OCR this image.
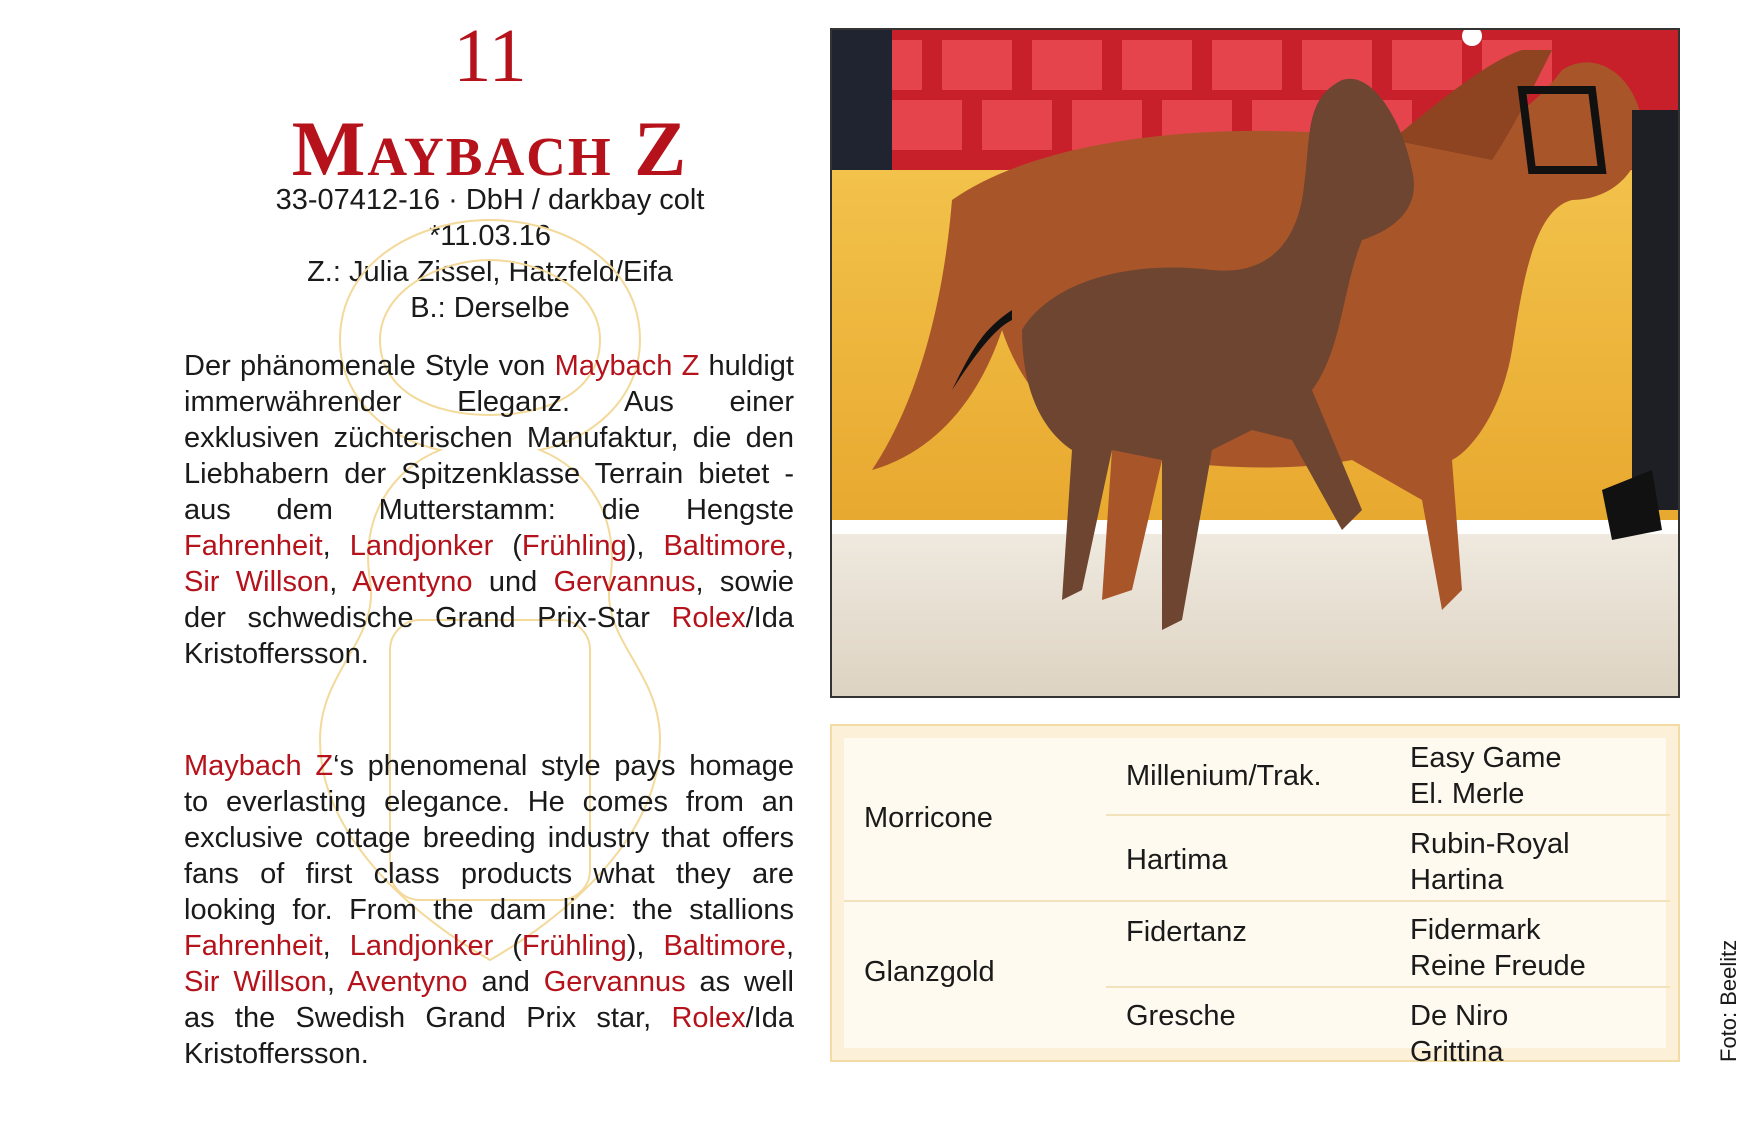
11
Maybach Z
33-07412-16 · DbH / darkbay colt
*11.03.16
Z.: Julia Zissel, Hatzfeld/Eifa
B.: Derselbe
Der phänomenale Style von Maybach Z huldigt immerwährender Eleganz. Aus einer exklusiven züchterischen Manufaktur, die den Liebhabern der Spitzenklasse Terrain bietet - aus dem Mutterstamm: die Hengste Fahrenheit, Landjonker (Frühling), Baltimore, Sir Willson, Aventyno und Gervannus, sowie der schwedische Grand Prix-Star Rolex/Ida Kristoffersson.
Maybach Z‘s phenomenal style pays homage to everlasting elegance. He comes from an exclusive cottage breeding industry that offers fans of first class products what they are looking for. From the dam line: the stallions Fahrenheit, Landjonker (Frühling), Baltimore, Sir Willson, Aventyno and Gervannus as well as the Swedish Grand Prix star, Rolex/Ida Kristoffersson.
Morricone
Glanzgold
Millenium/Trak.
Hartima
Fidertanz
Gresche
Easy Game
El. Merle
Rubin-Royal
Hartina
Fidermark
Reine Freude
De Niro
Grittina	Foto: Beelitz
